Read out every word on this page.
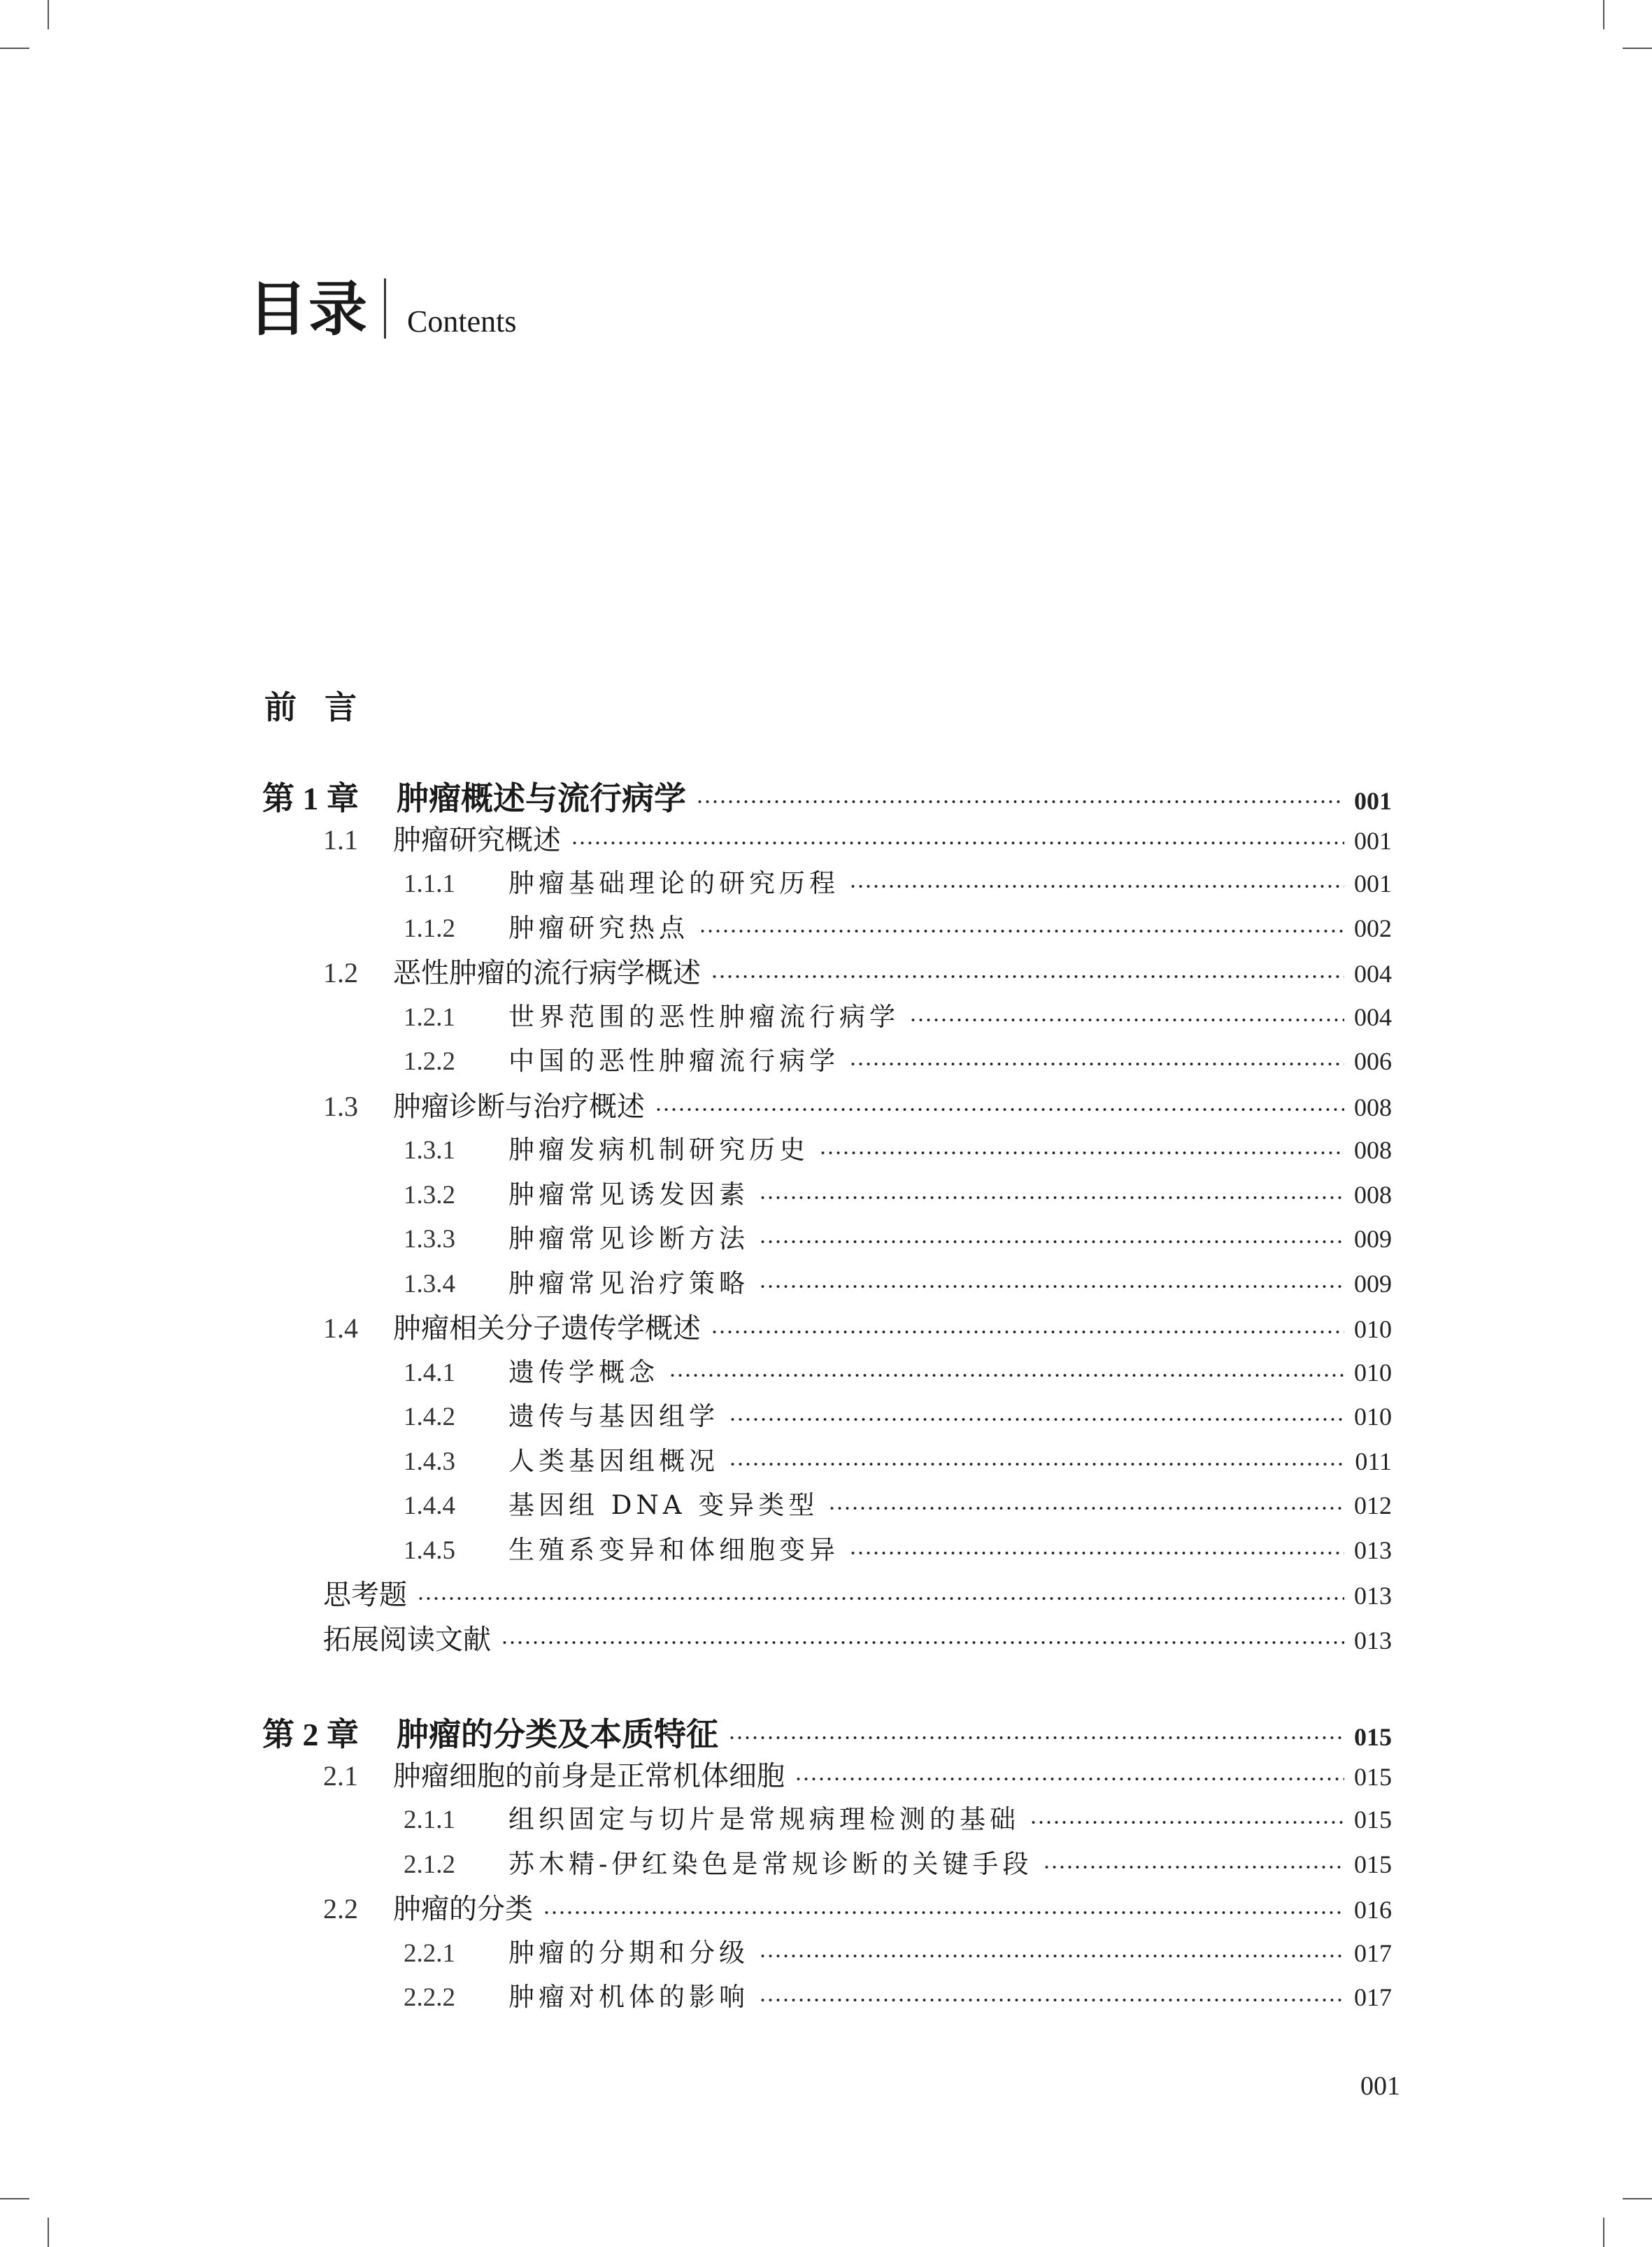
目录 Contents
前言
第 1 章	肿瘤概述与流行病学	001
1.1	肿瘤研究概述	001
1.1.1	肿瘤基础理论的研究历程	001
1.1.2	肿瘤研究热点	002
1.2	恶性肿瘤的流行病学概述	004
1.2.1	世界范围的恶性肿瘤流行病学	004
1.2.2	中国的恶性肿瘤流行病学	006
1.3	肿瘤诊断与治疗概述	008
1.3.1	肿瘤发病机制研究历史	008
1.3.2	肿瘤常见诱发因素	008
1.3.3	肿瘤常见诊断方法	009
1.3.4	肿瘤常见治疗策略	009
1.4	肿瘤相关分子遗传学概述	010
1.4.1	遗传学概念	010
1.4.2	遗传与基因组学	010
1.4.3	人类基因组概况	011
1.4.4	基因组 DNA 变异类型	012
1.4.5	生殖系变异和体细胞变异	013
思考题	013
拓展阅读文献	013
第 2 章	肿瘤的分类及本质特征	015
2.1	肿瘤细胞的前身是正常机体细胞	015
2.1.1	组织固定与切片是常规病理检测的基础	015
2.1.2	苏木精-伊红染色是常规诊断的关键手段	015
2.2	肿瘤的分类	016
2.2.1	肿瘤的分期和分级	017
2.2.2	肿瘤对机体的影响	017
001
